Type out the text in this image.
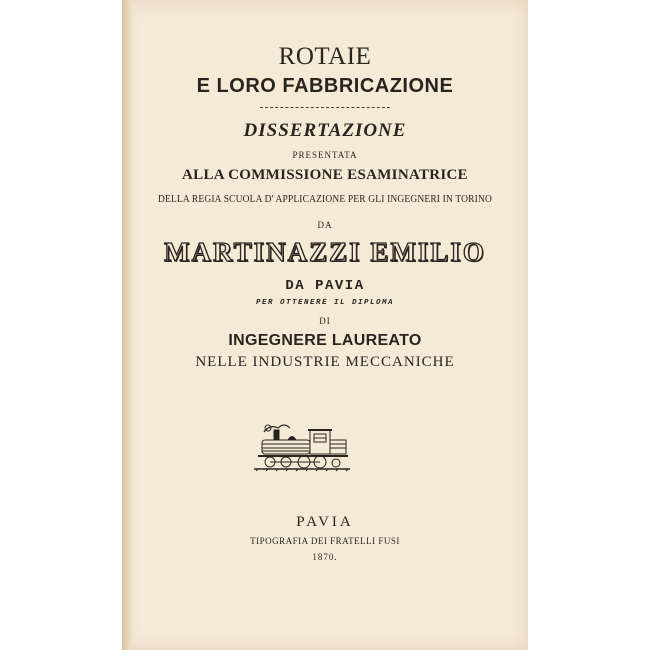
ROTAIE
E LORO FABBRICAZIONE
DISSERTAZIONE
PRESENTATA
ALLA COMMISSIONE ESAMINATRICE
DELLA REGIA SCUOLA D' APPLICAZIONE PER GLI INGEGNERI IN TORINO
DA
MARTINAZZI EMILIO
DA PAVIA
PER OTTENERE IL DIPLOMA
DI
INGEGNERE LAUREATO
NELLE INDUSTRIE MECCANICHE
PAVIA
TIPOGRAFIA DEI FRATELLI FUSI
1870.
